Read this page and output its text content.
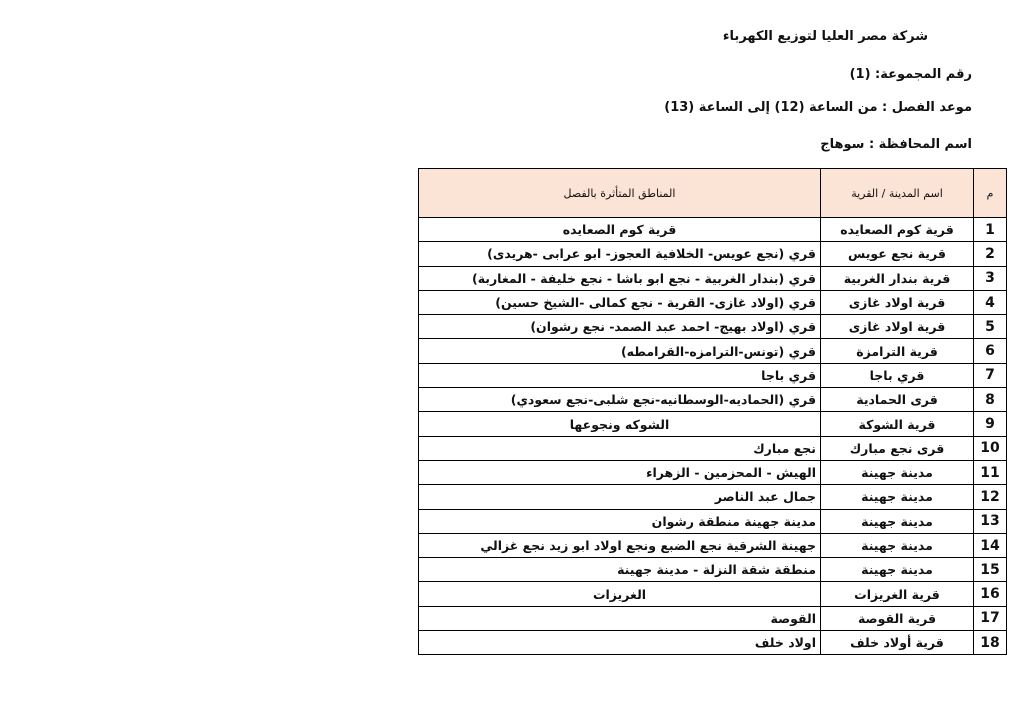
شركة مصر العليا لتوزيع الكهرباء
رقم المجموعة: (1)
موعد الفصل : من الساعة (12) إلى الساعة (13)
اسم المحافظة : سوهاج
م	اسم المدينة / القرية	المناطق المتأثرة بالفصل
1	قرية كوم الصعايده	قرية كوم الصعايده
2	قرية نجع عويس	قري (نجع عويس- الخلافية العجوز- ابو عرابى -هريدى)
3	قرية بندار الغربية	قري (بندار الغربية - نجع ابو باشا - نجع خليفة - المغاربة)
4	قرية اولاد غازى	قري (اولاد غازى- القرية - نجع كمالى -الشيخ حسين)
5	قرية اولاد غازى	قري (اولاد بهيج- احمد عبد الصمد- نجع رشوان)
6	قرية الترامزة	قري (تونس-الترامزه-القرامطه)
7	قري باجا	قري باجا
8	قرى الحمادية	قري (الحماديه-الوسطانيه-نجع شلبى-نجع سعودي)
9	قرية الشوكة	الشوكه ونجوعها
10	قرى نجع مبارك	نجع مبارك
11	مدينة جهينة	الهيش - المحزمين - الزهراء
12	مدينة جهينة	جمال عبد الناصر
13	مدينة جهينة	مدينة جهينة منطقة رشوان
14	مدينة جهينة	جهينة الشرقية نجع الضبع ونجع اولاد ابو زيد نجع غزالي
15	مدينة جهينة	منطقة شقة النزلة - مدينة جهينة
16	قرية الغريزات	الغريزات
17	قرية القوصة	القوصة
18	قرية أولاد خلف	اولاد خلف
